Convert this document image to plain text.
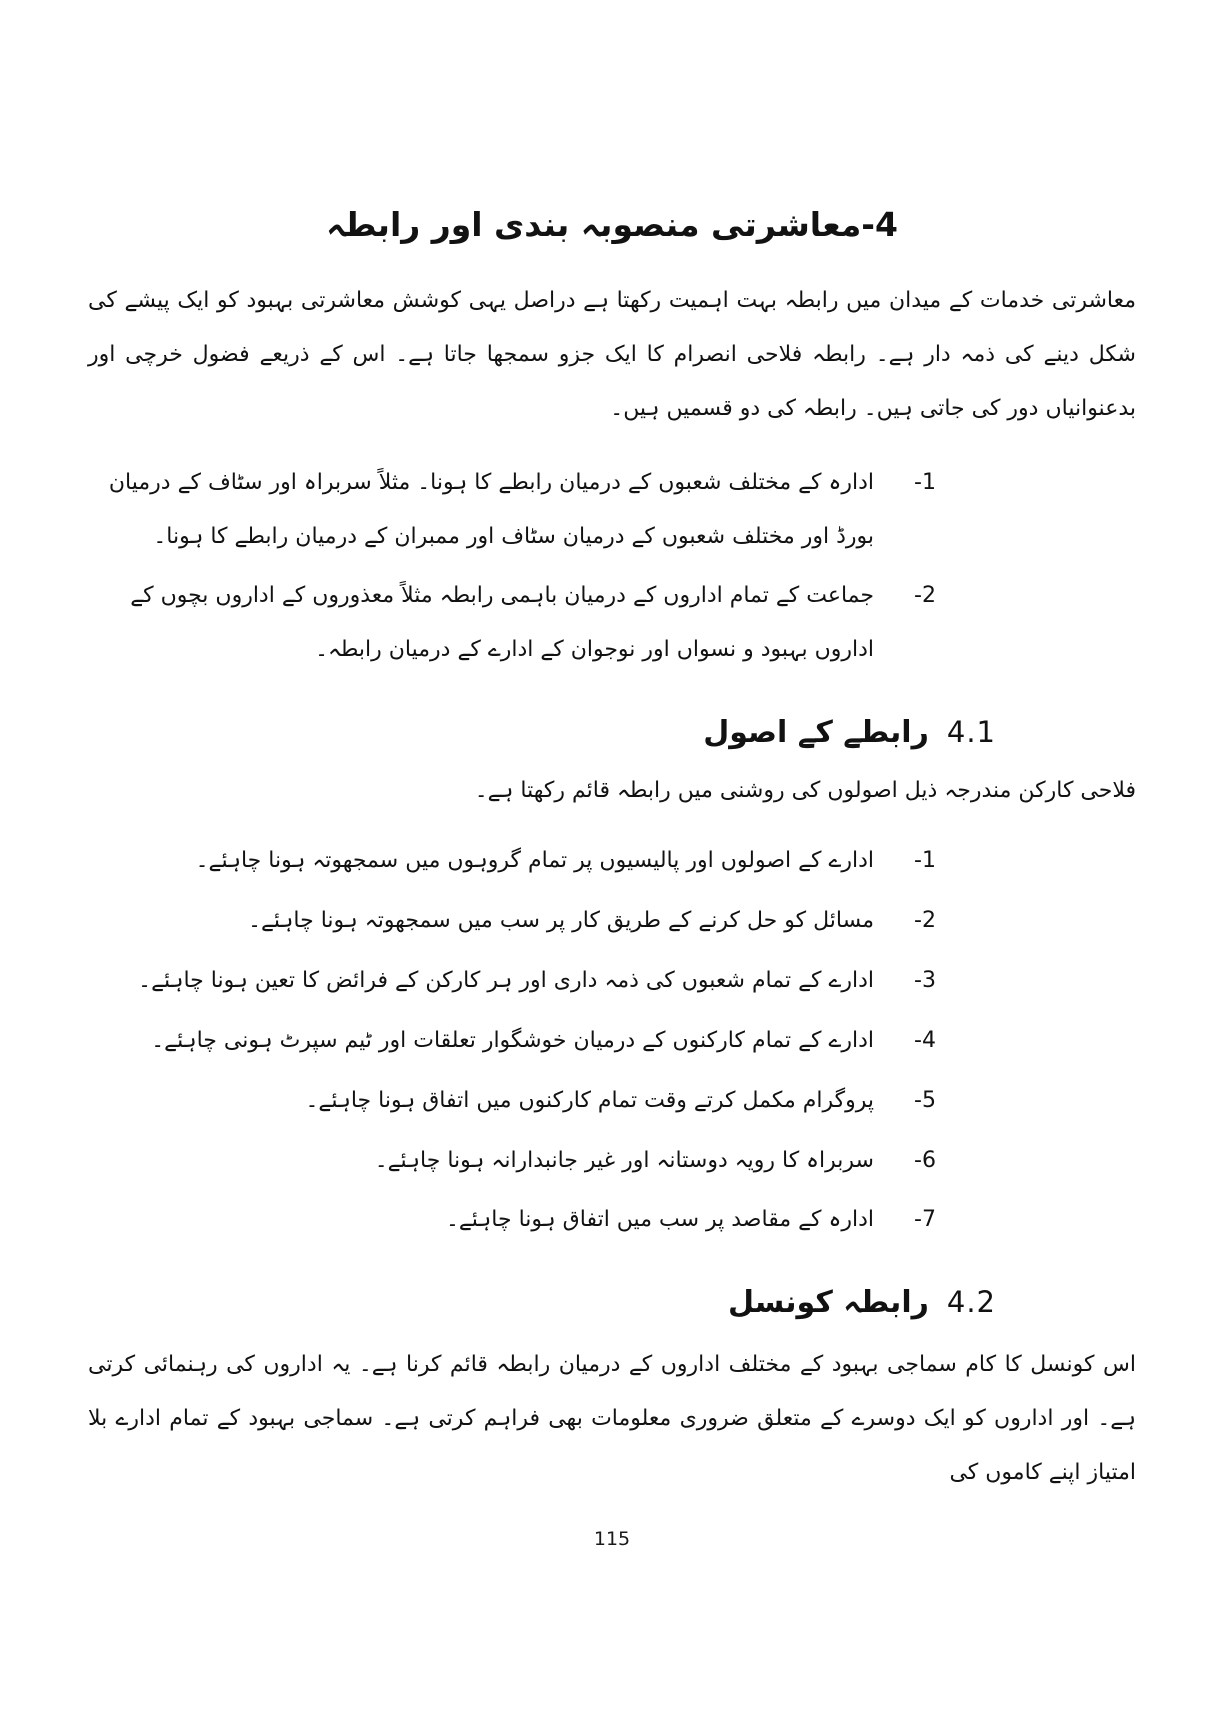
4-معاشرتی منصوبہ بندی اور رابطہ

معاشرتی خدمات کے میدان میں رابطہ بہت اہمیت رکھتا ہے دراصل یہی کوشش معاشرتی بہبود کو ایک پیشے کی شکل دینے کی ذمہ دار ہے۔ رابطہ فلاحی انصرام کا ایک جزو سمجھا جاتا ہے۔ اس کے ذریعے فضول خرچی اور بدعنوانیاں دور کی جاتی ہیں۔ رابطہ کی دو قسمیں ہیں۔

1-
ادارہ کے مختلف شعبوں کے درمیان رابطے کا ہونا۔ مثلاً سربراہ اور سٹاف کے درمیان بورڈ اور مختلف شعبوں کے درمیان سٹاف اور ممبران کے درمیان رابطے کا ہونا۔
2-
جماعت کے تمام اداروں کے درمیان باہمی رابطہ مثلاً معذوروں کے اداروں بچوں کے اداروں بہبود و نسواں اور نوجوان کے ادارے کے درمیان رابطہ۔
4.1
رابطے کے اصول

فلاحی کارکن مندرجہ ذیل اصولوں کی روشنی میں رابطہ قائم رکھتا ہے۔

1-
ادارے کے اصولوں اور پالیسیوں پر تمام گروہوں میں سمجھوتہ ہونا چاہئے۔
2-
مسائل کو حل کرنے کے طریق کار پر سب میں سمجھوتہ ہونا چاہئے۔
3-
ادارے کے تمام شعبوں کی ذمہ داری اور ہر کارکن کے فرائض کا تعین ہونا چاہئے۔
4-
ادارے کے تمام کارکنوں کے درمیان خوشگوار تعلقات اور ٹیم سپرٹ ہونی چاہئے۔
5-
پروگرام مکمل کرتے وقت تمام کارکنوں میں اتفاق ہونا چاہئے۔
6-
سربراہ کا رویہ دوستانہ اور غیر جانبدارانہ ہونا چاہئے۔
7-
ادارہ کے مقاصد پر سب میں اتفاق ہونا چاہئے۔
4.2
رابطہ کونسل

اس کونسل کا کام سماجی بہبود کے مختلف اداروں کے درمیان رابطہ قائم کرنا ہے۔ یہ اداروں کی رہنمائی کرتی ہے۔ اور اداروں کو ایک دوسرے کے متعلق ضروری معلومات بھی فراہم کرتی ہے۔ سماجی بہبود کے تمام ادارے بلا امتیاز اپنے کاموں کی

115
